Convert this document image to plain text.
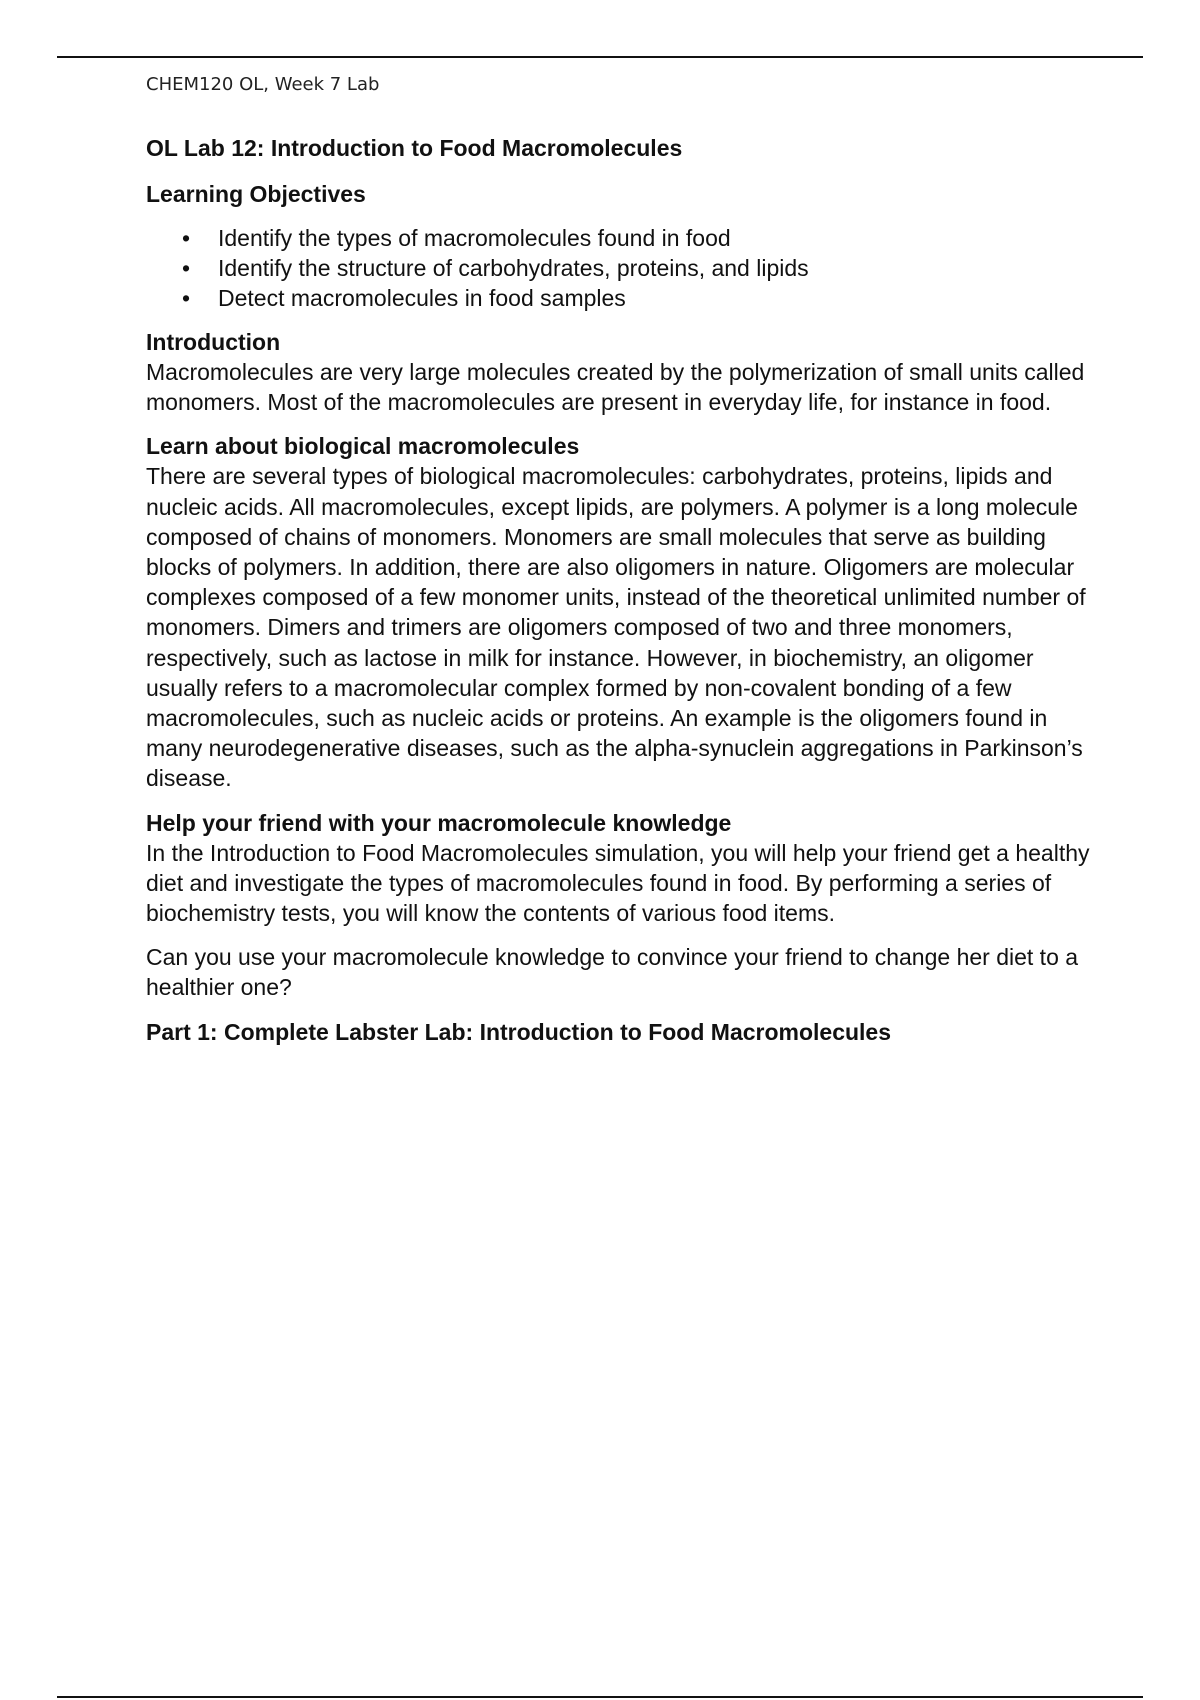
CHEM120 OL, Week 7 Lab
OL Lab 12: Introduction to Food Macromolecules
Learning Objectives
• Identify the types of macromolecules found in food
• Identify the structure of carbohydrates, proteins, and lipids
• Detect macromolecules in food samples
Introduction

Macromolecules are very large molecules created by the polymerization of small units called monomers. Most of the macromolecules are present in everyday life, for instance in food.

Learn about biological macromolecules

There are several types of biological macromolecules: carbohydrates, proteins, lipids and nucleic acids. All macromolecules, except lipids, are polymers. A polymer is a long molecule composed of chains of monomers. Monomers are small molecules that serve as building blocks of polymers. In addition, there are also oligomers in nature. Oligomers are molecular complexes composed of a few monomer units, instead of the theoretical unlimited number of monomers. Dimers and trimers are oligomers composed of two and three monomers, respectively, such as lactose in milk for instance. However, in biochemistry, an oligomer usually refers to a macromolecular complex formed by non-covalent bonding of a few macromolecules, such as nucleic acids or proteins. An example is the oligomers found in many neurodegenerative diseases, such as the alpha-synuclein aggregations in Parkinson’s disease.

Help your friend with your macromolecule knowledge

In the Introduction to Food Macromolecules simulation, you will help your friend get a healthy diet and investigate the types of macromolecules found in food. By performing a series of biochemistry tests, you will know the contents of various food items.

Can you use your macromolecule knowledge to convince your friend to change her diet to a healthier one?

Part 1: Complete Labster Lab: Introduction to Food Macromolecules
